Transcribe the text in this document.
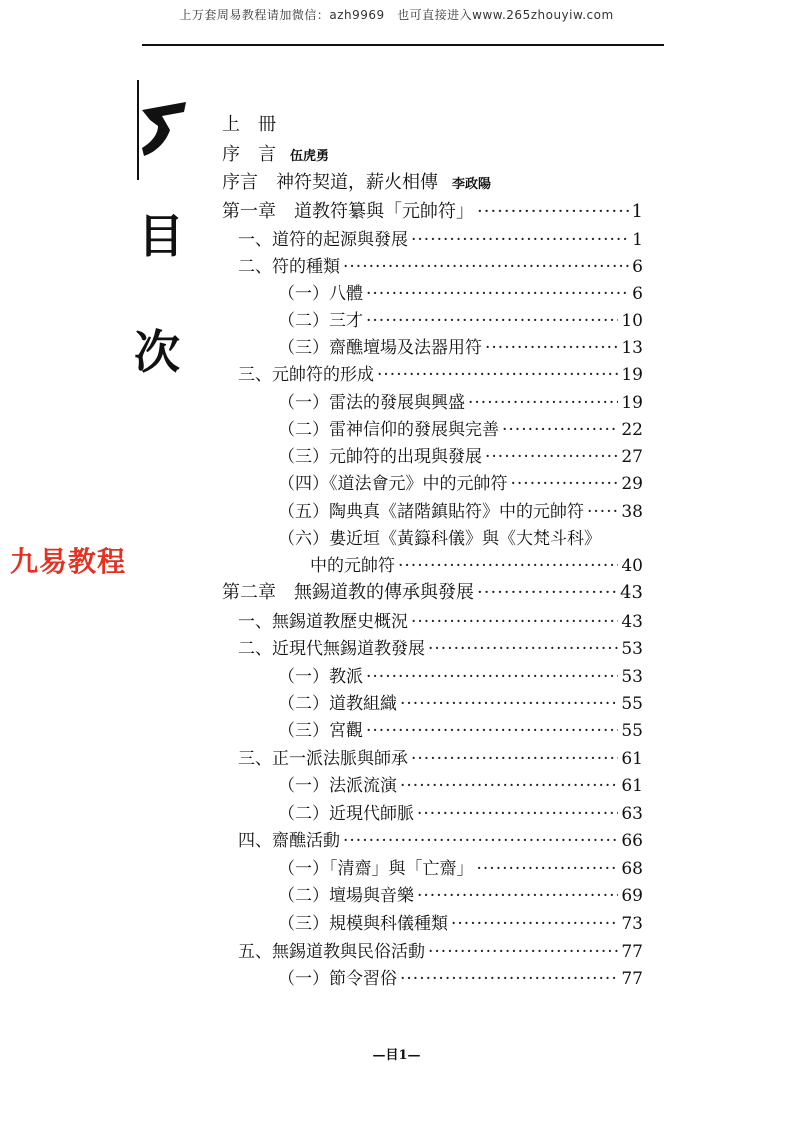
上万套周易教程请加微信：azh9969　也可直接进入www.265zhouyiw.com
目
次
九易教程
上　冊
序　言 伍虎勇
序言　神符契道，薪火相傳 李政陽
第一章　道教符纂與「元帥符」 ·····	1
一、道符的起源與發展 ·····	1
二、符的種類 ·····	6
（一）八體 ·····	6
（二）三才 ·····	10
（三）齋醮壇場及法器用符 ·····	13
三、元帥符的形成 ·····	19
（一）雷法的發展與興盛 ·····	19
（二）雷神信仰的發展與完善 ·····	22
（三）元帥符的出現與發展 ·····	27
（四）《道法會元》中的元帥符 ·····	29
（五）陶典真《諸階鎮貼符》中的元帥符 ····· 38
（六）婁近垣《黃籙科儀》與《大梵斗科》
中的元帥符 ·····	40
第二章　無錫道教的傳承與發展 ·····	43
一、無錫道教歷史概況 ·····	43
二、近現代無錫道教發展 ·····	53
（一）教派 ·····	53
（二）道教組織 ·····	55
（三）宮觀 ·····	55
三、正一派法脈與師承 ·····	61
（一）法派流演 ·····	61
（二）近現代師脈 ·····	63
四、齋醮活動 ·····	66
（一）「清齋」與「亡齋」 ·····	68
（二）壇場與音樂 ·····	69
（三）規模與科儀種類 ·····	73
五、無錫道教與民俗活動 ·····	77
（一）節令習俗 ·····	77
—目1—
